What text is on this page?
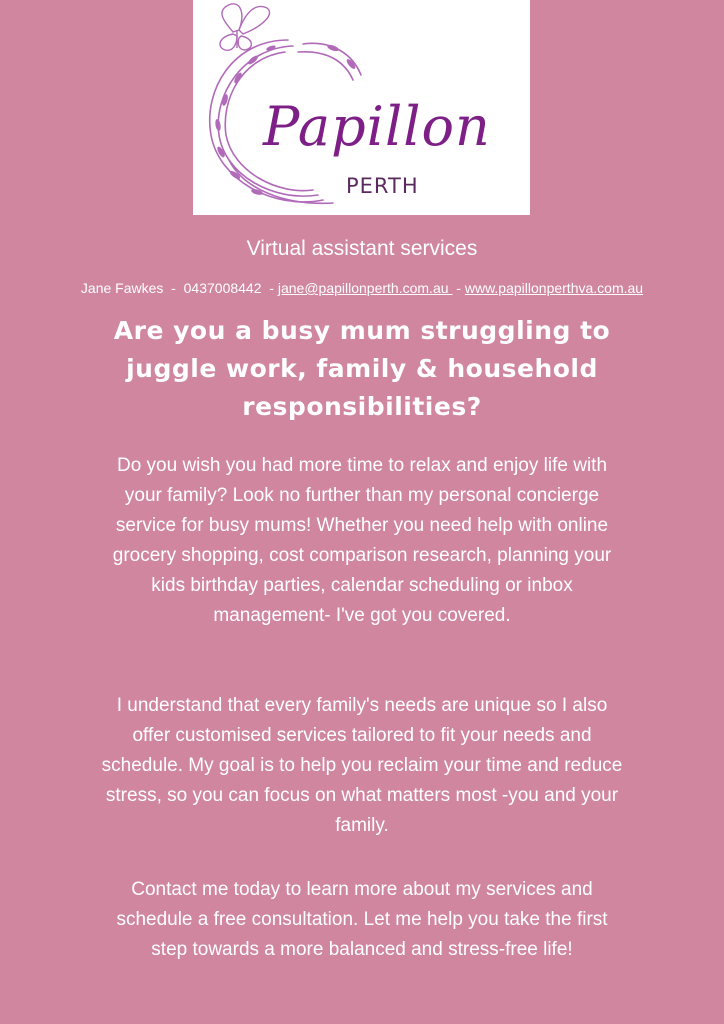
Papillon
PERTH
Virtual assistant services
Jane Fawkes  -  0437008442  - jane@papillonperth.com.au  - www.papillonperthva.com.au
Are you a busy mum struggling to juggle work, family & household responsibilities?

Do you wish you had more time to relax and enjoy life with your family? Look no further than my personal concierge service for busy mums! Whether you need help with online grocery shopping, cost comparison research, planning your kids birthday parties, calendar scheduling or inbox management- I've got you covered.

I understand that every family's needs are unique so I also offer customised services tailored to fit your needs and schedule. My goal is to help you reclaim your time and reduce stress, so you can focus on what matters most -you and your family.

Contact me today to learn more about my services and schedule a free consultation. Let me help you take the first step towards a more balanced and stress-free life!
